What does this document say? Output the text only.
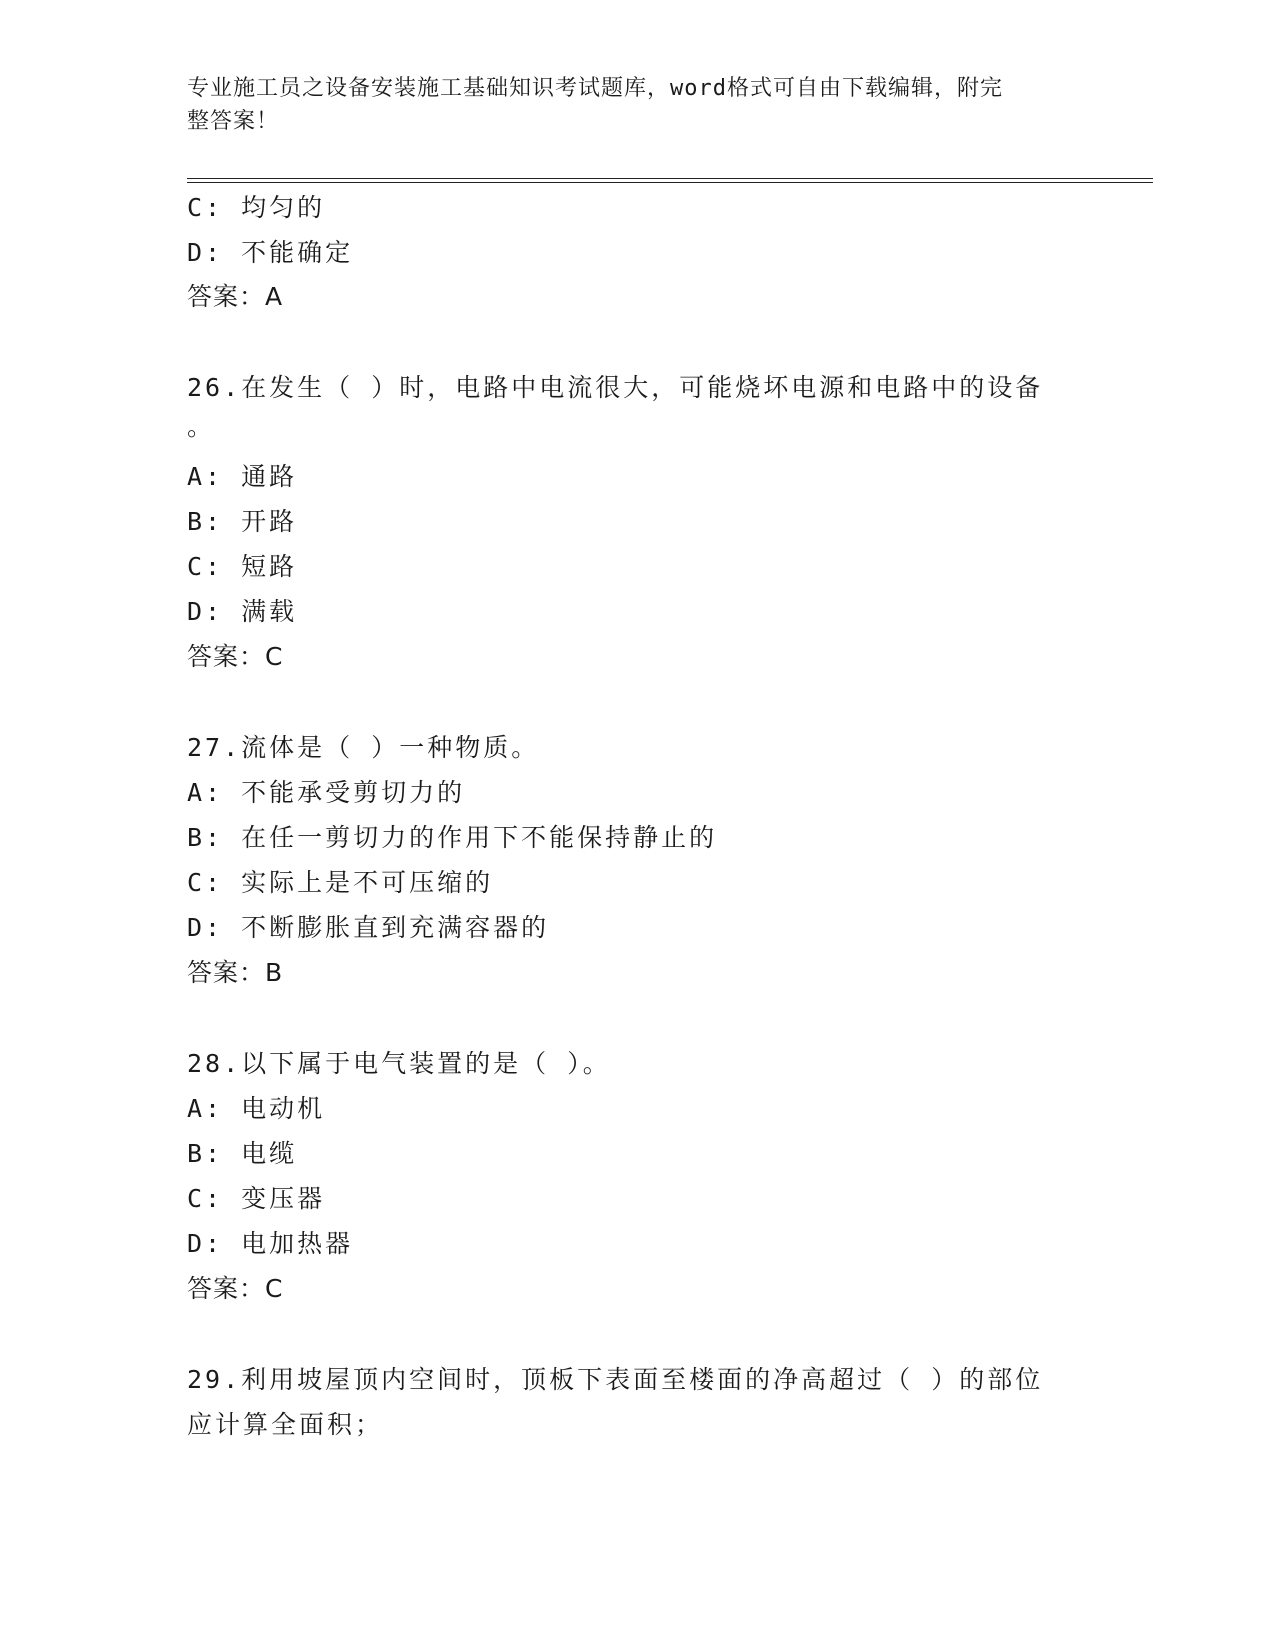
专业施工员之设备安装施工基础知识考试题库，word格式可自由下载编辑，附完
整答案！
C: 均匀的
D: 不能确定
答案：A
26.在发生（ ）时，电路中电流很大，可能烧坏电源和电路中的设备
。
A: 通路
B: 开路
C: 短路
D: 满载
答案：C
27.流体是（ ）一种物质。
A: 不能承受剪切力的
B: 在任一剪切力的作用下不能保持静止的
C: 实际上是不可压缩的
D: 不断膨胀直到充满容器的
答案：B
28.以下属于电气装置的是（ ）。
A: 电动机
B: 电缆
C: 变压器
D: 电加热器
答案：C
29.利用坡屋顶内空间时，顶板下表面至楼面的净高超过（ ）的部位
应计算全面积；
